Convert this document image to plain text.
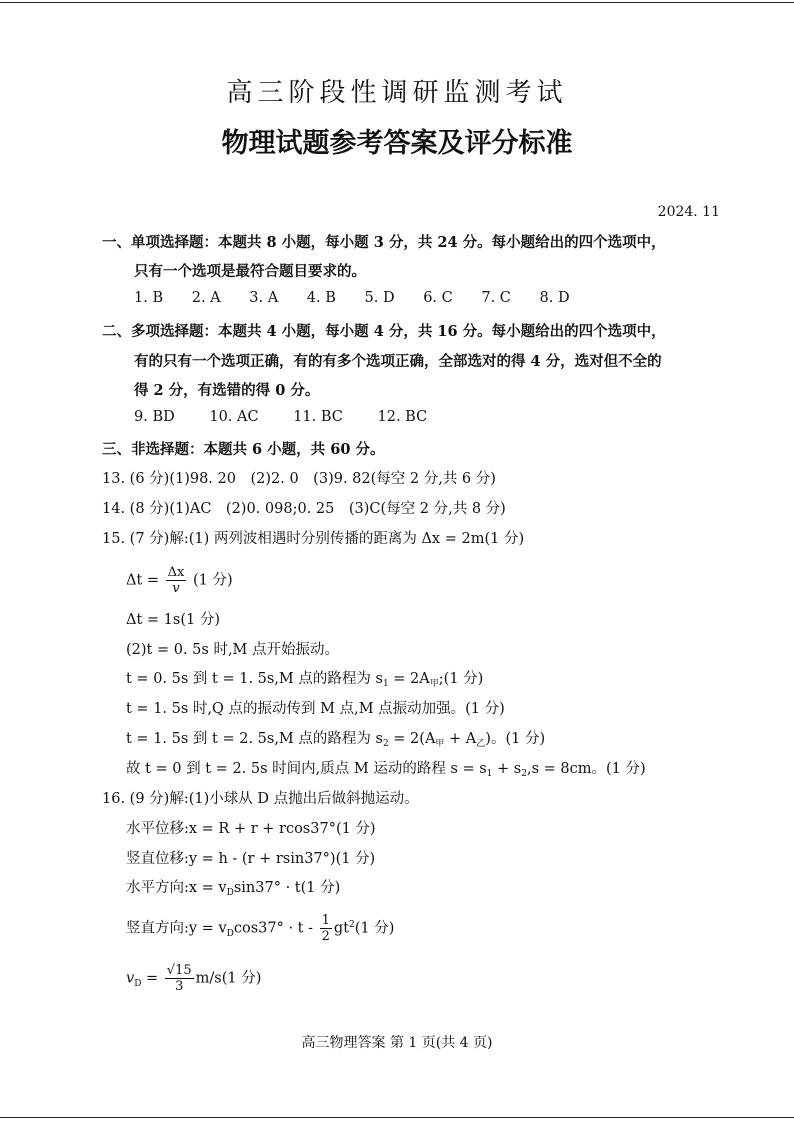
高三阶段性调研监测考试
物理试题参考答案及评分标准
2024. 11
一、单项选择题：本题共 8 小题，每小题 3 分，共 24 分。每小题给出的四个选项中，
只有一个选项是最符合题目要求的。
1. B 2. A 3. A 4. B 5. D 6. C 7. C 8. D
二、多项选择题：本题共 4 小题，每小题 4 分，共 16 分。每小题给出的四个选项中，
有的只有一个选项正确，有的有多个选项正确，全部选对的得 4 分，选对但不全的
得 2 分，有选错的得 0 分。
9. BD 10. AC 11. BC 12. BC
三、非选择题：本题共 6 小题，共 60 分。
13. (6 分)(1)98. 20　(2)2. 0　(3)9. 82(每空 2 分,共 6 分)
14. (8 分)(1)AC　(2)0. 098;0. 25　(3)C(每空 2 分,共 8 分)
15. (7 分)解:(1) 两列波相遇时分别传播的距离为 Δx = 2m(1 分)
$\Delta t = \frac{\Delta x}{v} (1$ 分)
Δt = 1s(1 分)
(2)t = 0. 5s 时,M 点开始振动。
t = 0. 5s 到 t = 1. 5s,M 点的路程为 $s_1$ = $2A_甲;(1$ 分)
t = 1. 5s 时,Q 点的振动传到 M 点,M 点振动加强。(1 分)
t = 1. 5s 到 t = 2. 5s,M 点的路程为 $s_2 = 2(A_甲 + A_乙)$。(1 分)
故 t = 0 到 t = 2. 5s 时间内,质点 M 运动的路程 $s = s_1 + s_2,s = 8cm$。(1 分)
16. (9 分)解:(1)小球从 D 点抛出后做斜抛运动。
水平位移:x = R + r + rcos37°(1 分)
竖直位移:y = h - (r + rsin37°)(1 分)
水平方向:x = $v_D\sin 37^\circ \cdot t(1$ 分)
竖直方向:y = $v_D\cos 37^\circ \cdot t - \frac{1}{2} gt^2(1$ 分)
$v_D = \frac{√15}{3} m/s(1$ 分)
高三物理答案 第 1 页(共 4 页)
